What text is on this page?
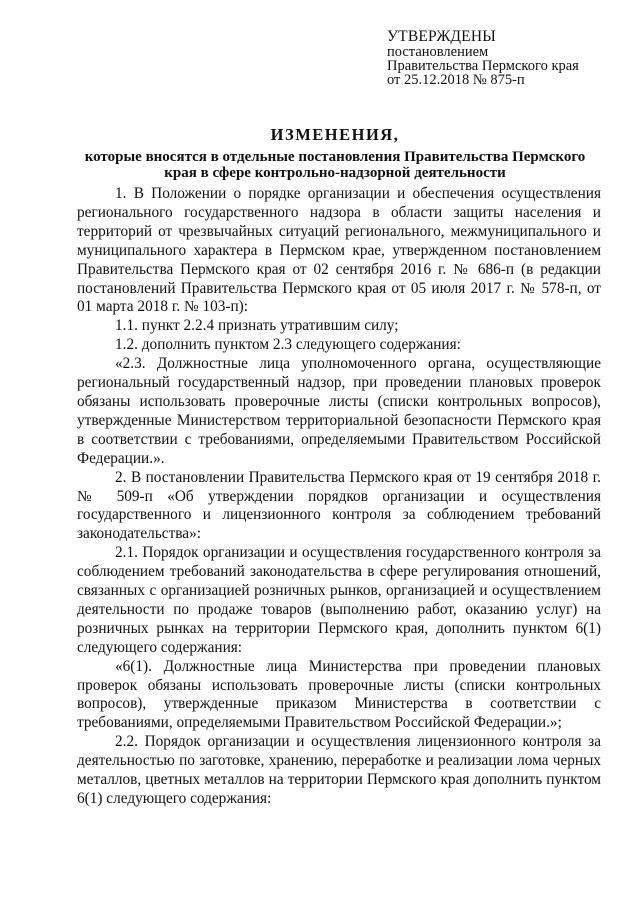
УТВЕРЖДЕНЫ
постановлением
Правительства Пермского края
от 25.12.2018 № 875-п
ИЗМЕНЕНИЯ,
которые вносятся в отдельные постановления Правительства Пермского края в сфере контрольно-надзорной деятельности

1. В Положении о порядке организации и обеспечения осуществления регионального государственного надзора в области защиты населения и территорий от чрезвычайных ситуаций регионального, межмуниципального и муниципального характера в Пермском крае, утвержденном постановлением Правительства Пермского края от 02 сентября 2016 г. № 686-п (в редакции постановлений Правительства Пермского края от 05 июля 2017 г. № 578-п, от 01 марта 2018 г. № 103-п):

1.1. пункт 2.2.4 признать утратившим силу;

1.2. дополнить пунктом 2.3 следующего содержания:

«2.3. Должностные лица уполномоченного органа, осуществляющие региональный государственный надзор, при проведении плановых проверок обязаны использовать проверочные листы (списки контрольных вопросов), утвержденные Министерством территориальной безопасности Пермского края в соответствии с требованиями, определяемыми Правительством Российской Федерации.».

2. В постановлении Правительства Пермского края от 19 сентября 2018 г. № 509-п «Об утверждении порядков организации и осуществления государственного и лицензионного контроля за соблюдением требований законодательства»:

2.1. Порядок организации и осуществления государственного контроля за соблюдением требований законодательства в сфере регулирования отношений, связанных с организацией розничных рынков, организацией и осуществлением деятельности по продаже товаров (выполнению работ, оказанию услуг) на розничных рынках на территории Пермского края, дополнить пунктом 6(1) следующего содержания:

«6(1). Должностные лица Министерства при проведении плановых проверок обязаны использовать проверочные листы (списки контрольных вопросов), утвержденные приказом Министерства в соответствии с требованиями, определяемыми Правительством Российской Федерации.»;

2.2. Порядок организации и осуществления лицензионного контроля за деятельностью по заготовке, хранению, переработке и реализации лома черных металлов, цветных металлов на территории Пермского края дополнить пунктом 6(1) следующего содержания:
